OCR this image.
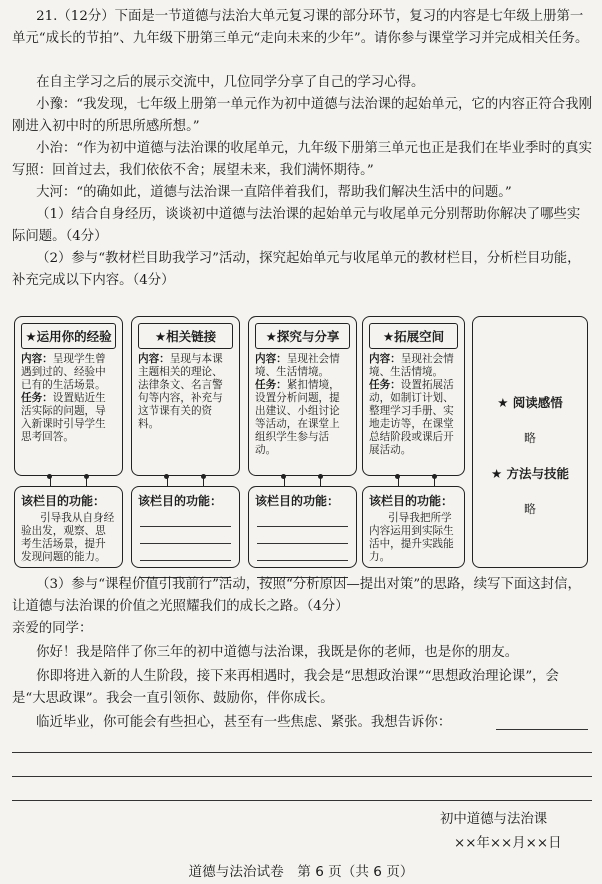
21.（12分）下面是一节道德与法治大单元复习课的部分环节，复习的内容是七年级上册第一单元“成长的节拍”、九年级下册第三单元“走向未来的少年”。请你参与课堂学习并完成相关任务。

在自主学习之后的展示交流中，几位同学分享了自己的学习心得。

小豫：“我发现，七年级上册第一单元作为初中道德与法治课的起始单元，它的内容正符合我刚刚进入初中时的所思所感所想。”

小治：“作为初中道德与法治课的收尾单元，九年级下册第三单元也正是我们在毕业季时的真实写照：回首过去，我们依依不舍；展望未来，我们满怀期待。”

大河：“的确如此，道德与法治课一直陪伴着我们，帮助我们解决生活中的问题。”

（1）结合自身经历，谈谈初中道德与法治课的起始单元与收尾单元分别帮助你解决了哪些实际问题。（4分）

（2）参与“教材栏目助我学习”活动，探究起始单元与收尾单元的教材栏目，分析栏目功能，补充完成以下内容。（4分）

★运用你的经验
内容：呈现学生曾遇到过的、经验中已有的生活场景。
任务：设置贴近生活实际的问题，导入新课时引导学生思考回答。
该栏目的功能：
引导我从自身经验出发，观察、思考生活场景，提升发现问题的能力。
★相关链接
内容：呈现与本课主题相关的理论、法律条文、名言警句等内容，补充与这节课有关的资料。
该栏目的功能：
★探究与分享
内容：呈现社会情境、生活情境。
任务：紧扣情境，设置分析问题，提出建议、小组讨论等活动，在课堂上组织学生参与活动。
该栏目的功能：
★拓展空间
内容：呈现社会情境、生活情境。
任务：设置拓展活动，如制订计划、整理学习手册、实地走访等，在课堂总结阶段或课后开展活动。
该栏目的功能：
引导我把所学内容运用到实际生活中，提升实践能力。
★ 阅读感悟
略
★ 方法与技能
略

（3）参与“课程价值引我前行”活动，按照“分析原因—提出对策”的思路，续写下面这封信，让道德与法治课的价值之光照耀我们的成长之路。（4分）

亲爱的同学：

你好！我是陪伴了你三年的初中道德与法治课，我既是你的老师，也是你的朋友。

你即将进入新的人生阶段，接下来再相遇时，我会是“思想政治课”“思想政治理论课”，会是“大思政课”。我会一直引领你、鼓励你，伴你成长。

临近毕业，你可能会有些担心，甚至有一些焦虑、紧张。我想告诉你：

初中道德与法治课
××年××月××日
道德与法治试卷　第 6 页（共 6 页）
